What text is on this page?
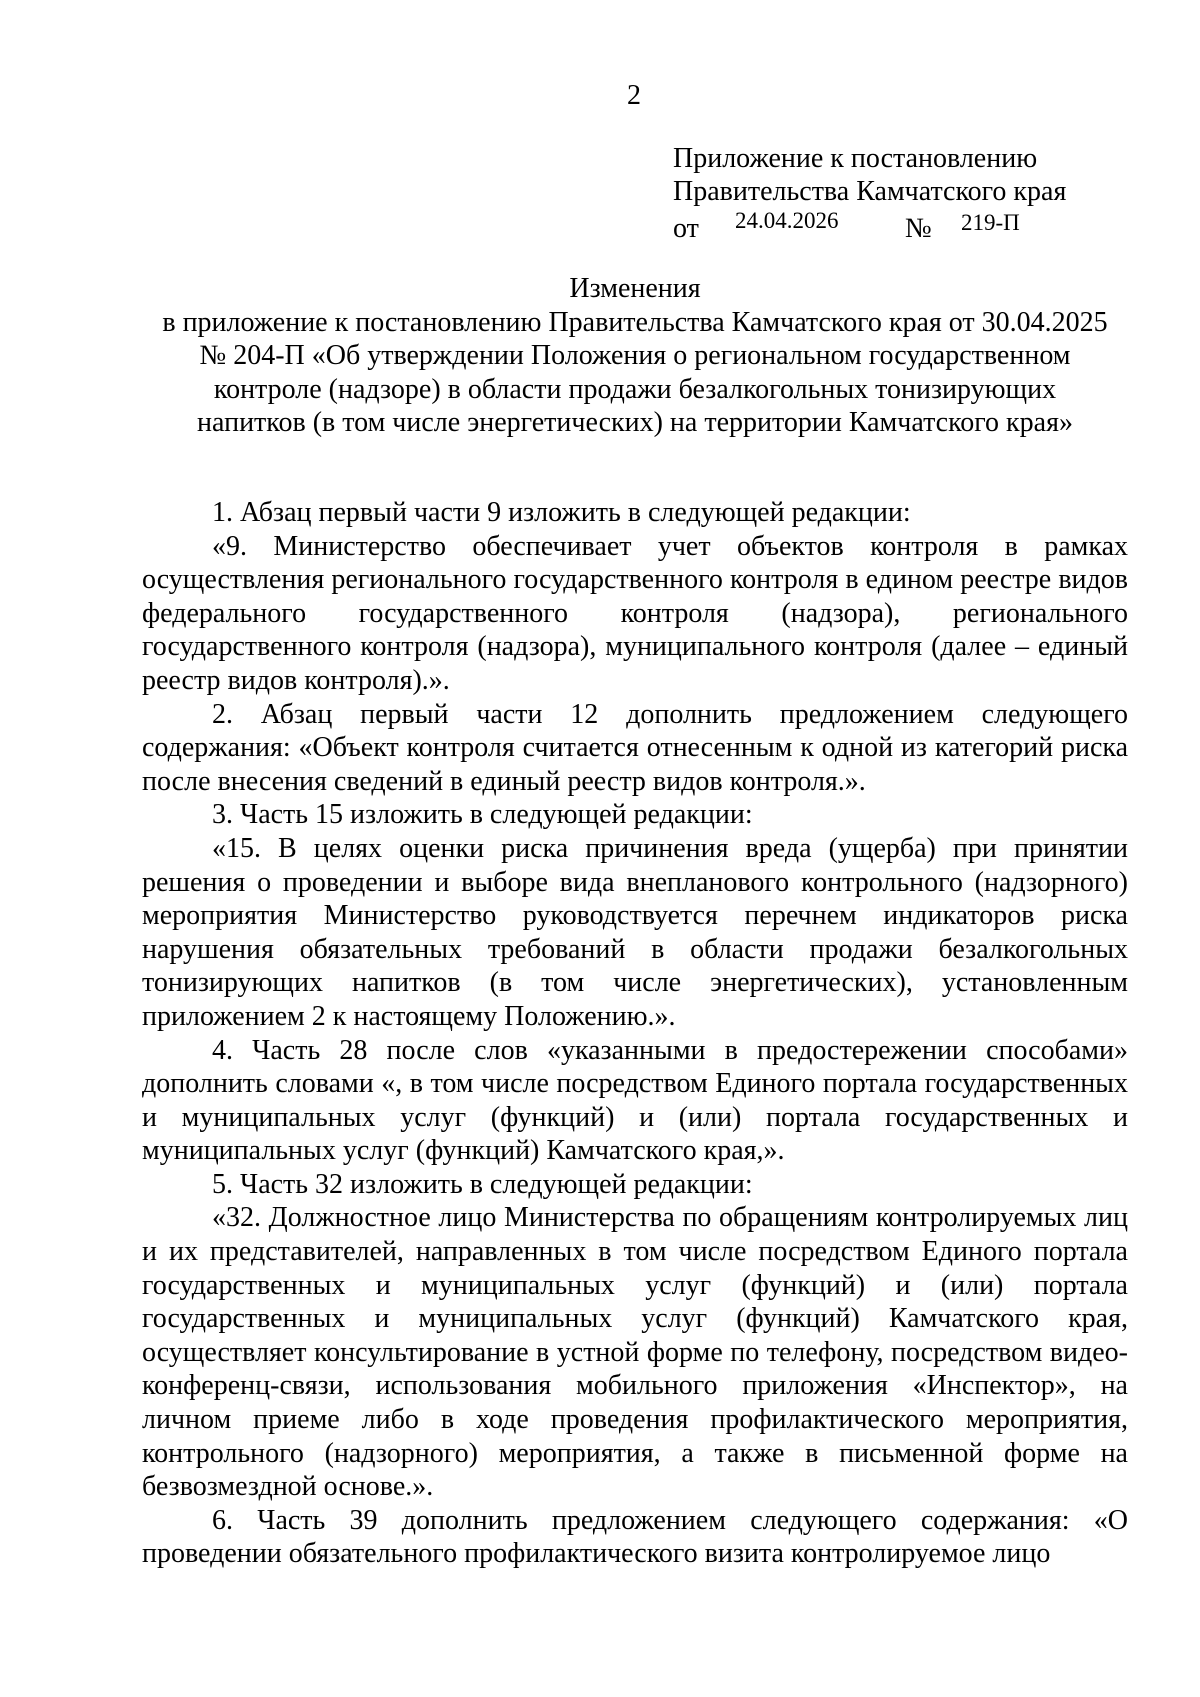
2
Приложение к постановлению
Правительства Камчатского края
от 24.04.2026 № 219-П
Изменения
в приложение к постановлению Правительства Камчатского края от 30.04.2025
№ 204-П «Об утверждении Положения о региональном государственном
контроле (надзоре) в области продажи безалкогольных тонизирующих
напитков (в том числе энергетических) на территории Камчатского края»

1. Абзац первый части 9 изложить в следующей редакции:

«9. Министерство обеспечивает учет объектов контроля в рамках осуществления регионального государственного контроля в едином реестре видов федерального государственного контроля (надзора), регионального государственного контроля (надзора), муниципального контроля (далее – единый реестр видов контроля).».

2. Абзац первый части 12 дополнить предложением следующего содержания: «Объект контроля считается отнесенным к одной из категорий риска после внесения сведений в единый реестр видов контроля.».

3. Часть 15 изложить в следующей редакции:

«15. В целях оценки риска причинения вреда (ущерба) при принятии решения о проведении и выборе вида внепланового контрольного (надзорного) мероприятия Министерство руководствуется перечнем индикаторов риска нарушения обязательных требований в области продажи безалкогольных тонизирующих напитков (в том числе энергетических), установленным приложением 2 к настоящему Положению.».

4. Часть 28 после слов «указанными в предостережении способами» дополнить словами «, в том числе посредством Единого портала государственных и муниципальных услуг (функций) и (или) портала государственных и муниципальных услуг (функций) Камчатского края,».

5. Часть 32 изложить в следующей редакции:

«32. Должностное лицо Министерства по обращениям контролируемых лиц и их представителей, направленных в том числе посредством Единого портала государственных и муниципальных услуг (функций) и (или) портала государственных и муниципальных услуг (функций) Камчатского края, осуществляет консультирование в устной форме по телефону, посредством видео-конференц-связи, использования мобильного приложения «Инспектор», на личном приеме либо в ходе проведения профилактического мероприятия, контрольного (надзорного) мероприятия, а также в письменной форме на безвозмездной основе.».

6. Часть 39 дополнить предложением следующего содержания: «О проведении обязательного профилактического визита контролируемое лицо
